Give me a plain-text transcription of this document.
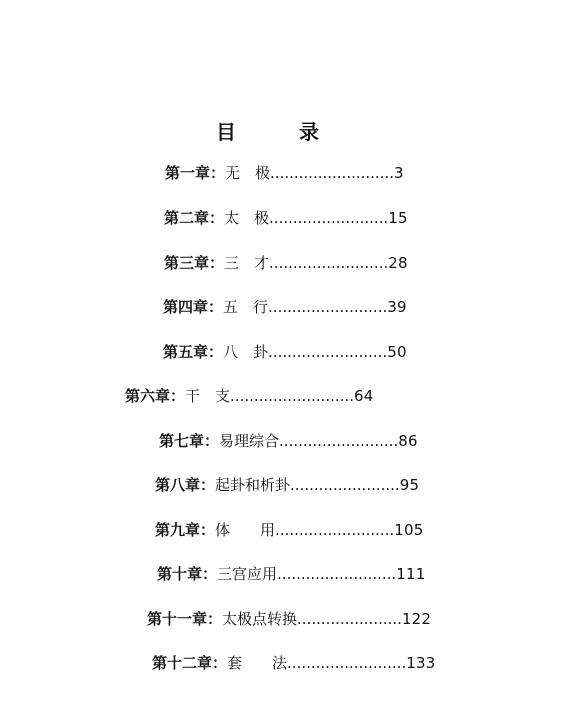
目 录
第一章：无　极..........................3
第二章：太　极.........................15
第三章：三　才.........................28
第四章：五　行.........................39
第五章：八　卦.........................50
第六章：干　支..........................64
第七章：易理综合.........................86
第八章：起卦和析卦.......................95
第九章：体　　用.........................105
第十章：三宫应用.........................111
第十一章：太极点转换......................122
第十二章：套　　法.........................133
